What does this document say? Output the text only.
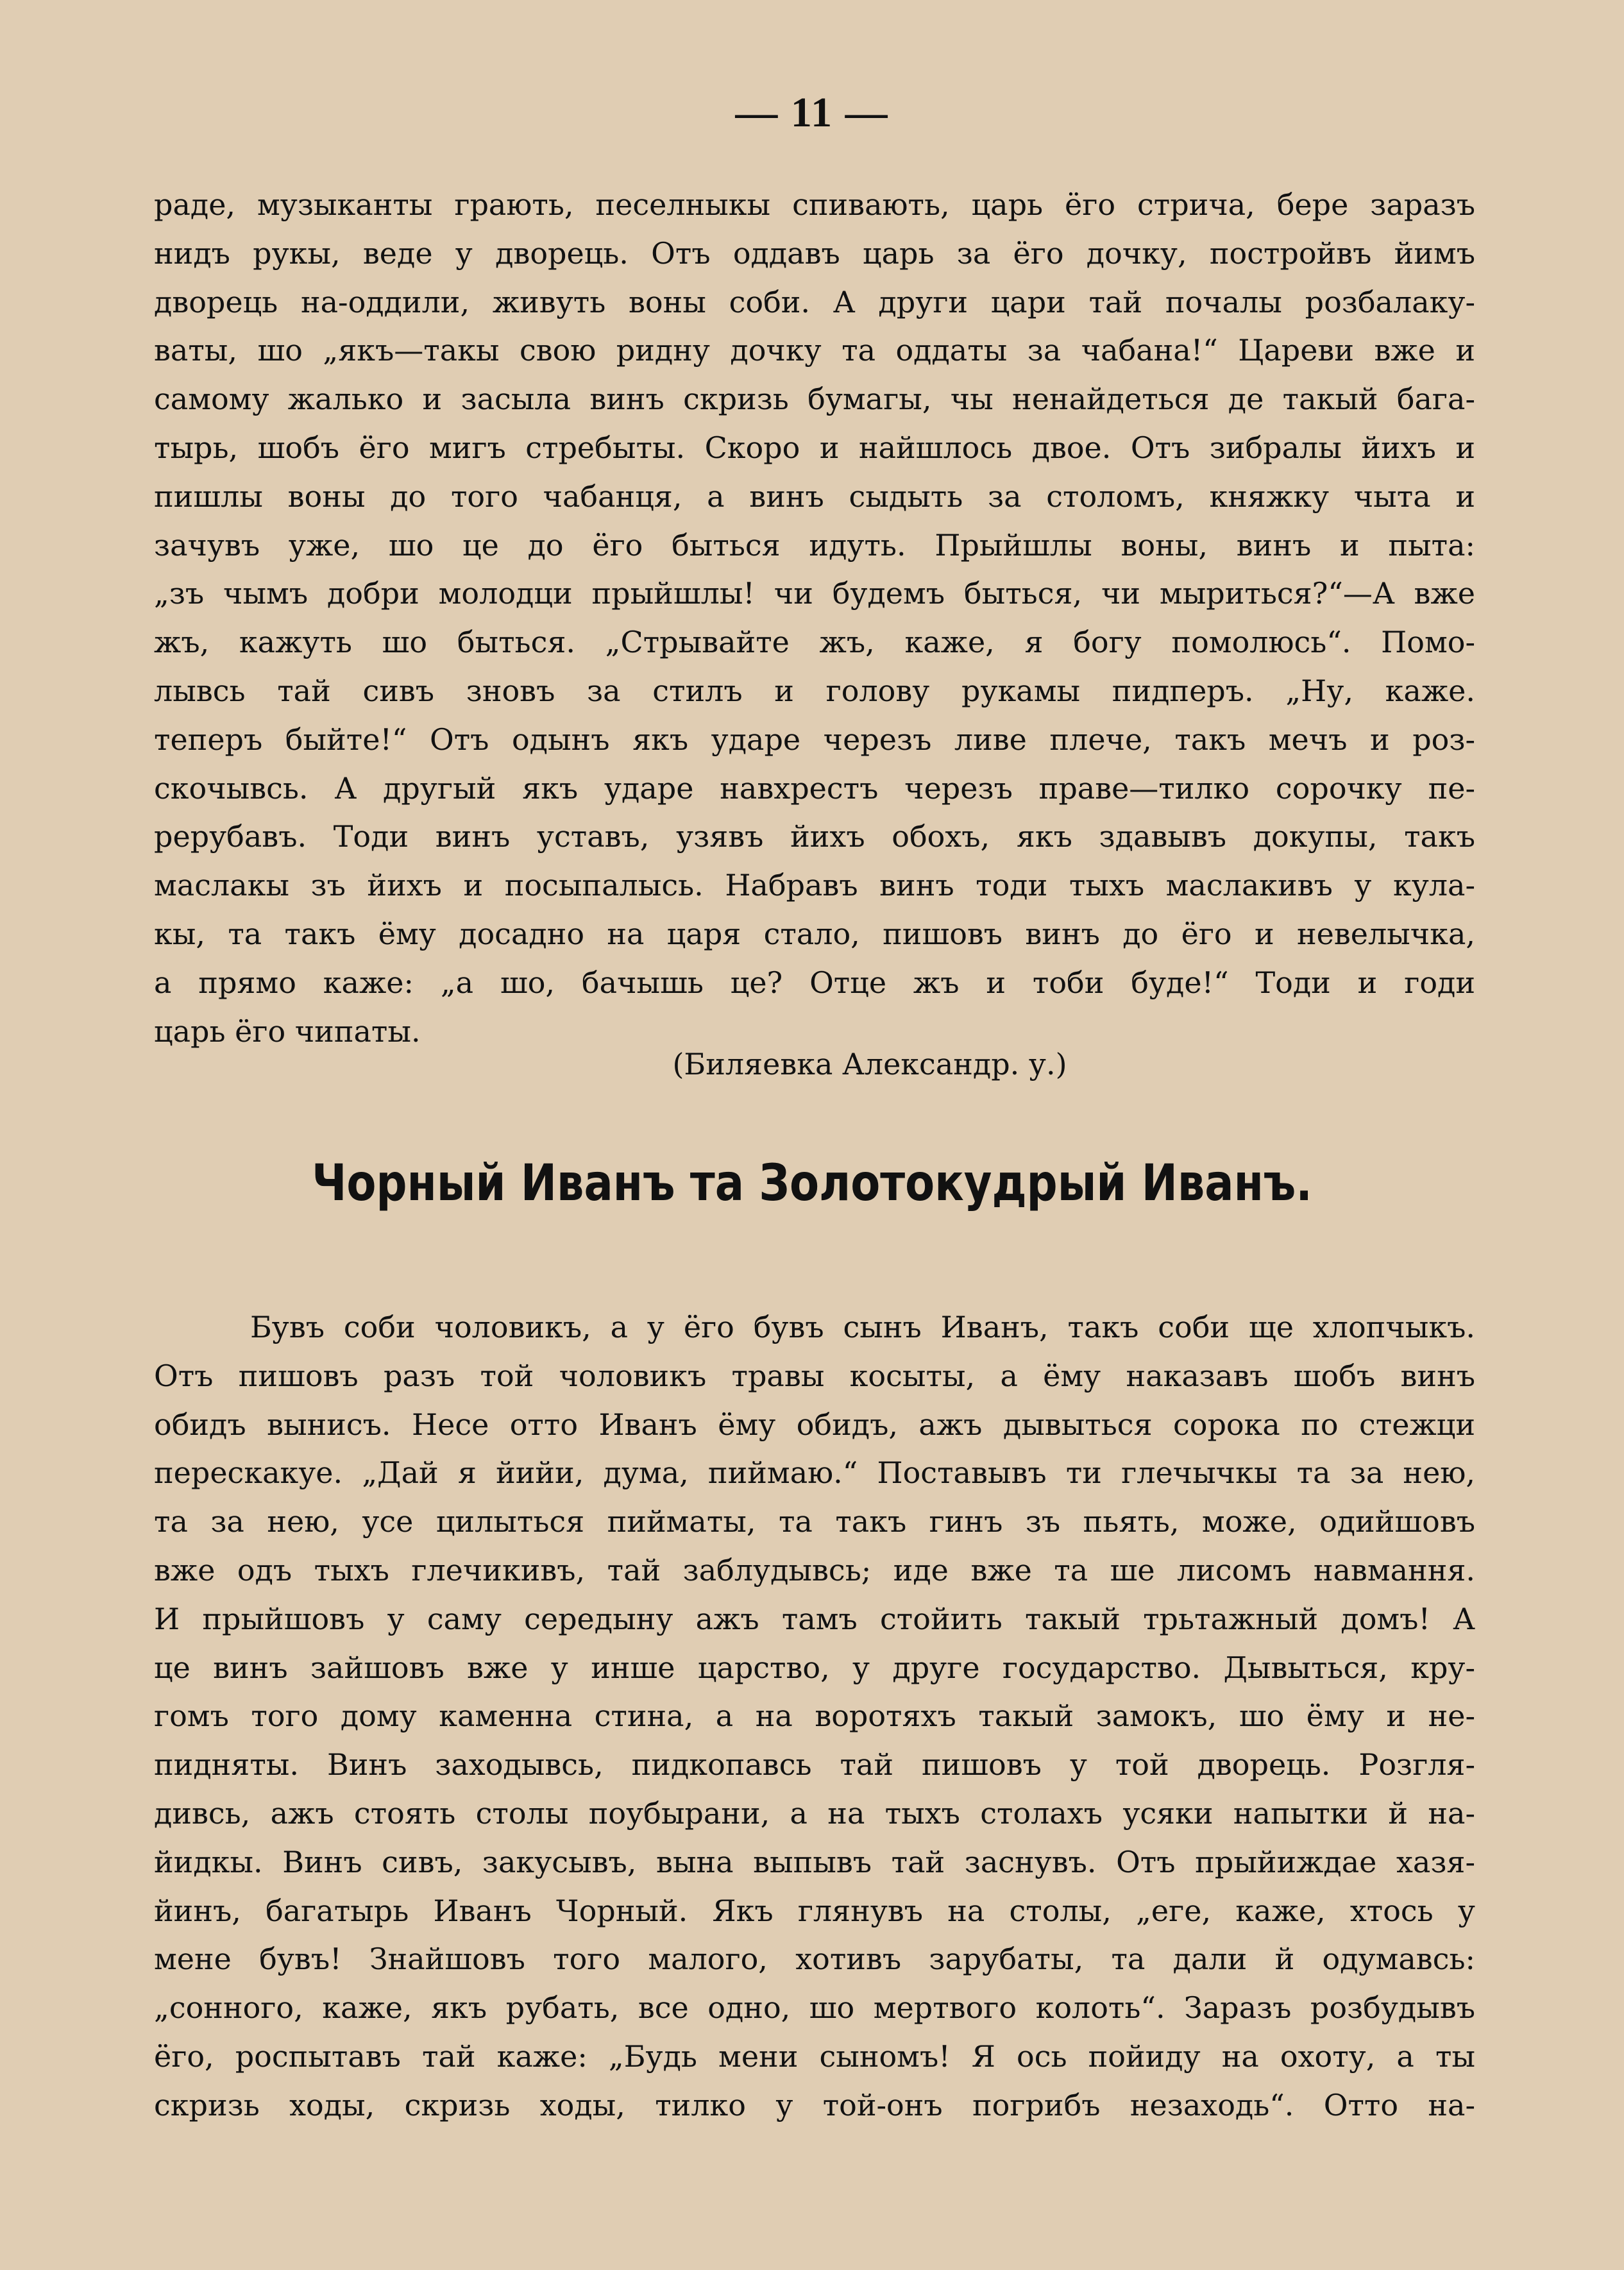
— 11 —
раде, музыканты грають, песелныкы спивають, царь ёго стрича, бере заразъ
нидъ рукы, веде у дворець. Отъ оддавъ царь за ёго дочку, постройвъ йимъ
дворець на-оддили, живуть воны соби. А други цари тай почалы розбалаку-
ваты, шо „якъ—такы свою ридну дочку та оддаты за чабана!“ Цареви вже и
самому жалько и засыла винъ скризь бумагы, чы ненайдеться де такый багa-
тырь, шобъ ёго мигъ стребыты. Скоро и найшлось двое. Отъ зибралы йихъ и
пишлы воны до того чабанця, а винъ сыдыть за столомъ, княжку чыта и
зачувъ уже, шо це до ёго быться идуть. Прыйшлы воны, винъ и пыта:
„зъ чымъ добри молодци прыйшлы! чи будемъ быться, чи мыриться?“—А вже
жъ, кажуть шо быться. „Стрывайте жъ, каже, я богу помолюсь“. Помо-
лывсь тай сивъ зновъ за стилъ и голову рукамы пидперъ. „Ну, каже.
теперъ быйте!“ Отъ одынъ якъ ударе черезъ ливе плече, такъ мечъ и роз-
скочывсь. А другый якъ ударе навхрестъ черезъ праве—тилко сорочку пе-
рерубавъ. Тоди винъ уставъ, узявъ йихъ обохъ, якъ здавывъ докупы, такъ
маслакы зъ йихъ и посыпалысь. Набравъ винъ тоди тыхъ маслакивъ у кула-
кы, та такъ ёму досадно на царя стало, пишовъ винъ до ёго и невелычка,
а прямо каже: „а шо, бачышь це? Отце жъ и тоби буде!“ Тоди и годи
царь ёго чипаты.
(Биляевка Александр. у.)
Чорный Иванъ та Золотокудрый Иванъ.
Бувъ соби чоловикъ, а у ёго бувъ сынъ Иванъ, такъ соби ще хлопчыкъ.
Отъ пишовъ разъ той чоловикъ травы косыты, а ёму наказавъ шобъ винъ
обидъ вынисъ. Несе отто Иванъ ёму обидъ, ажъ дывыться сорока по стежци
перескакуе. „Дай я йийи, дума, пиймаю.“ Поставывъ ти глечычкы та за нею,
та за нею, усе цилыться пийматы, та такъ гинъ зъ пьять, може, одийшовъ
вже одъ тыхъ глечикивъ, тай заблудывсь; иде вже та ше лисомъ навмання.
И прыйшовъ у саму середыну ажъ тамъ стойить такый трьтажный домъ! А
це винъ зайшовъ вже у инше царство, у друге государство. Дывыться, кру-
гомъ того дому каменна стина, а на воротяхъ такый замокъ, шо ёму и не-
пидняты. Винъ заходывсь, пидкопавсь тай пишовъ у той дворець. Розгля-
дивсь, ажъ стоять столы поубырани, а на тыхъ столахъ усяки напытки й на-
йидкы. Винъ сивъ, закусывъ, вына выпывъ тай заснувъ. Отъ прыйиждае хазя-
йинъ, багатырь Иванъ Чорный. Якъ глянувъ на столы, „еге, каже, хтось у
мене бувъ! Знайшовъ того малого, хотивъ зарубаты, та дали й одумавсь:
„сонного, каже, якъ рубать, все одно, шо мертвого колоть“. Заразъ розбудывъ
ёго, роспытавъ тай каже: „Будь мени сыномъ! Я ось пойиду на охоту, а ты
скризь ходы, скризь ходы, тилко у той-онъ погрибъ незаходь“. Отто на-
